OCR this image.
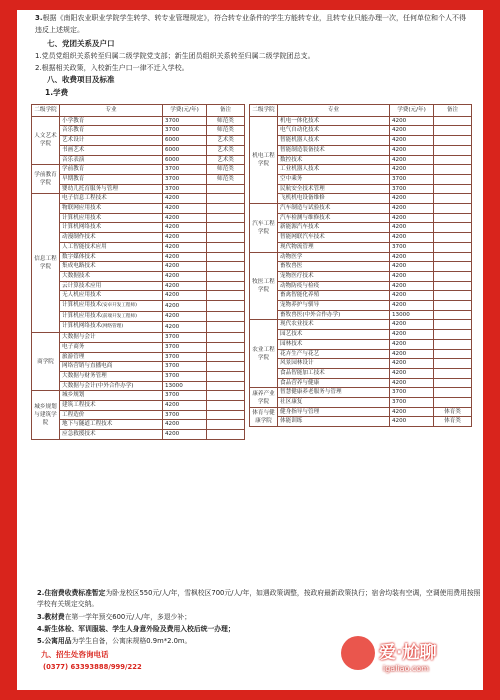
3.根据《南阳农业职业学院学生转学、转专业管理规定》，符合转专业条件的学生方能转专业，且转专业只能办理一次，任何单位和个人不得违反上述规定。
七、党团关系及户口
1.党员党组织关系转至归属二级学院党支部；新生团员组织关系转至归属二级学院团总支。
2.根据相关政策，入校新生户口一律不迁入学校。
八、收费项目及标准
1.学费
二级学院	专业	学费(元/年)	备注
人文艺术学院	小学教育	3700	师范类
	音乐教育	3700	师范类
	艺术设计	6000	艺术类
	书画艺术	6000	艺术类
	音乐表演	6000	艺术类
学前教育学院	学前教育	3700	师范类
	早期教育	3700	师范类
	婴幼儿托育服务与管理	3700	
信息工程学院	电子信息工程技术	4200	
	物联网应用技术	4200	
	计算机应用技术	4200	
	计算机网络技术	4200	
	动漫制作技术	4200	
	人工智能技术应用	4200	
	数字媒体技术	4200	
	集成电路技术	4200	
	大数据技术	4200	
	云计算技术应用	4200	
	无人机应用技术	4200	
	计算机应用技术(安卓开发工程师)	4200	
	计算机应用技术(前端开发工程师)	4200	
	计算机网络技术(网络管理)	4200	
商学院	大数据与会计	3700	
	电子商务	3700	
	旅游管理	3700	
	网络营销与直播电商	3700	
	大数据与财务管理	3700	
	大数据与会计(中外合作办学)	13000	
城乡规划与建筑学院	城乡规划	3700	
	建筑工程技术	4200	
	工程造价	3700	
	地下与隧道工程技术	4200	
	应急救援技术	4200	
二级学院	专业	学费(元/年)	备注
机电工程学院	机电一体化技术	4200	
	电气自动化技术	4200	
	智能机器人技术	4200	
	智能制造装备技术	4200	
	数控技术	4200	
	工业机器人技术	4200	
	空中乘务	3700	
	民航安全技术管理	3700	
	飞机机电设备维修	4200	
汽车工程学院	汽车制造与试验技术	4200	
	汽车检测与维修技术	4200	
	新能源汽车技术	4200	
	智能网联汽车技术	4200	
	现代物流管理	3700	
牧医工程学院	动物医学	4200	
	畜牧兽医	4200	
	宠物医疗技术	4200	
	动物防疫与检疫	4200	
	畜禽智能化养殖	4200	
	宠物养护与驯导	4200	
	畜牧兽医(中外合作办学)	13000	
农业工程学院	现代农业技术	4200	
	园艺技术	4200	
	园林技术	4200	
	花卉生产与花艺	4200	
	风景园林设计	4200	
	食品智能加工技术	4200	
	食品营养与健康	4200	
康养产业学院	智慧健康养老服务与管理	3700	
	社区康复	3700	
体育与健康学院	健身指导与管理	4200	体育类
	体能训练	4200	体育类
2.住宿费收费标准暂定为卧龙校区550元/人/年，雪枫校区700元/人/年，如遇政策调整，按政府最新政策执行；宿舍均装有空调，空调使用费用按照学校有关规定交纳。
3.教材费在第一学年预交600元/人/年，多退少补；
4.新生体检、军训服装、学生人身意外险及费用入校后统一办理；
5.公寓用品为学生自备，公寓床规格0.9m*2.0m。
九、招生处咨询电话
(0377) 63393888/999/222
爱·尬聊
igaliao.com
